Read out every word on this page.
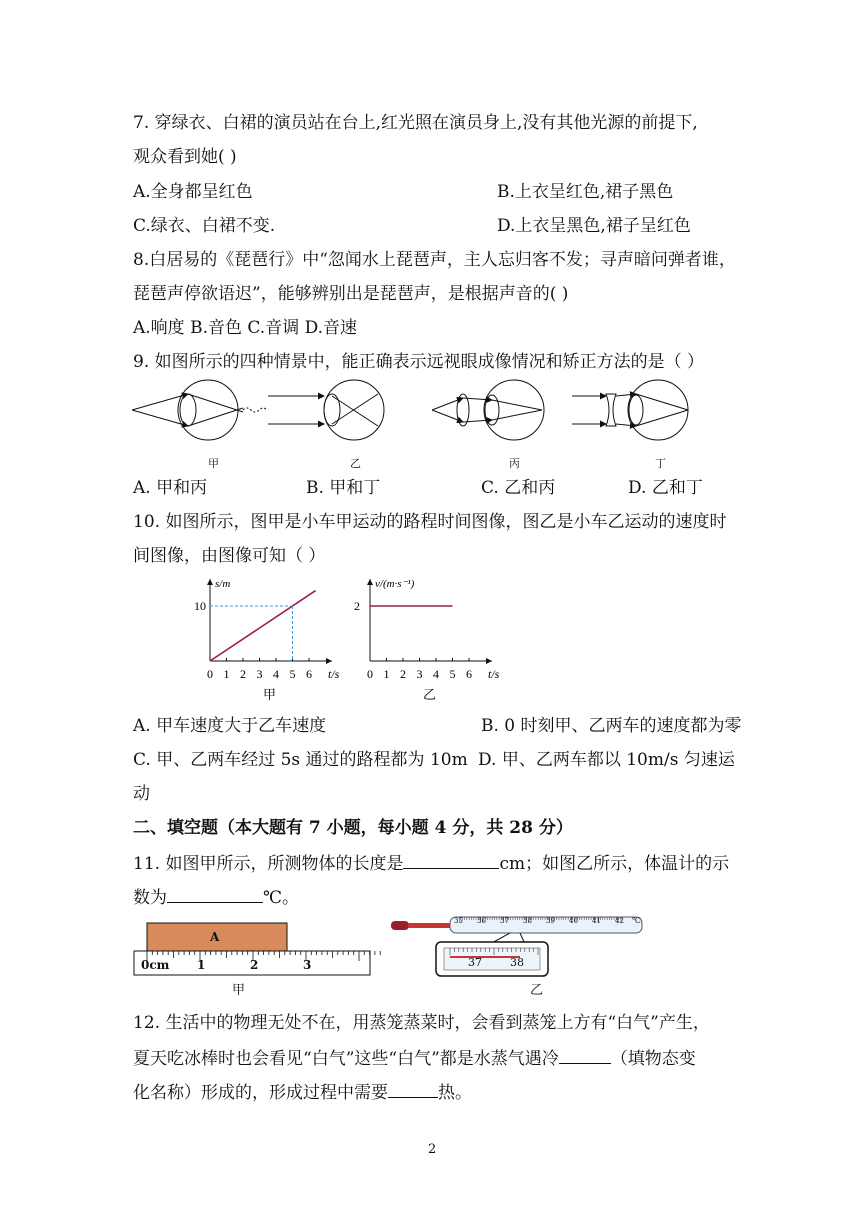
7. 穿绿衣、白裙的演员站在台上,红光照在演员身上,没有其他光源的前提下,
观众看到她( )
A.全身都呈红色	B.上衣呈红色,裙子黑色
C.绿衣、白裙不变.	D.上衣呈黑色,裙子呈红色
8.白居易的《琵琶行》中“忽闻水上琵琶声，主人忘归客不发；寻声暗问弹者谁，
琵琶声停欲语迟”，能够辨别出是琵琶声，是根据声音的( )
A.响度 B.音色 C.音调 D.音速
9. 如图所示的四种情景中，能正确表示远视眼成像情况和矫正方法的是（ ）
甲	乙	丙	丁
A. 甲和丙	B. 甲和丁	C. 乙和丙	D. 乙和丁
10. 如图所示，图甲是小车甲运动的路程时间图像，图乙是小车乙运动的速度时
间图像，由图像可知（ ）
0 1 2 3 4 5 6 t/s
s/m
10
甲
0 1 2 3 4 5 6 t/s
v/(m·s⁻¹)
2
乙
A. 甲车速度大于乙车速度	B. 0 时刻甲、乙两车的速度都为零
C. 甲、乙两车经过 5s 通过的路程都为 10m D. 甲、乙两车都以 10m/s 匀速运
动
二、填空题（本大题有 7 小题，每小题 4 分，共 28 分）
11. 如图甲所示，所测物体的长度是	cm；如图乙所示，体温计的示
数为	℃。
A
0cm 1	2	3
35 36 37 38 39 40 41 42 ℃
37	38
甲	乙
12. 生活中的物理无处不在，用蒸笼蒸菜时，会看到蒸笼上方有“白气”产生，
夏天吃冰棒时也会看见“白气”这些“白气”都是水蒸气遇冷	（填物态变
化名称）形成的，形成过程中需要	热。
2
